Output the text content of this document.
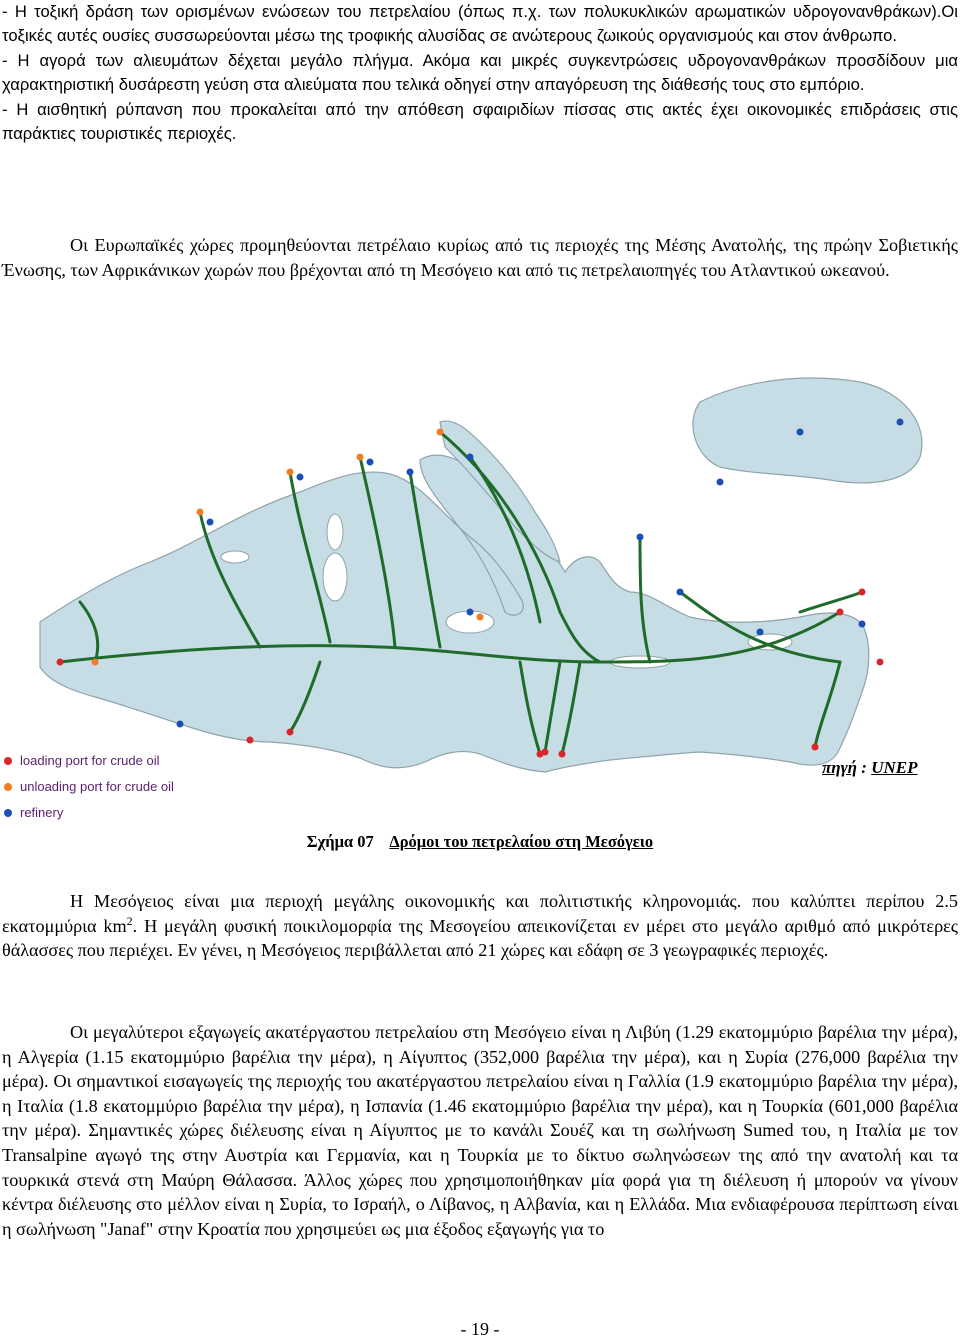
- Η τοξική δράση των ορισμένων ενώσεων του πετρελαίου (όπως π.χ. των πολυκυκλικών αρωματικών υδρογονανθράκων).Οι τοξικές αυτές ουσίες συσσωρεύονται μέσω της τροφικής αλυσίδας σε ανώτερους ζωικούς οργανισμούς και στον άνθρωπο.

- Η αγορά των αλιευμάτων δέχεται μεγάλο πλήγμα. Ακόμα και μικρές συγκεντρώσεις υδρογονανθράκων προσδίδουν μια χαρακτηριστική δυσάρεστη γεύση στα αλιεύματα που τελικά οδηγεί στην απαγόρευση της διάθεσής τους στο εμπόριο.

- Η αισθητική ρύπανση που προκαλείται από την απόθεση σφαιριδίων πίσσας στις ακτές έχει οικονομικές επιδράσεις στις παράκτιες τουριστικές περιοχές.

Οι Ευρωπαϊκές χώρες προμηθεύονται πετρέλαιο κυρίως από τις περιοχές της Μέσης Ανατολής, της πρώην Σοβιετικής Ένωσης, των Αφρικάνικων χωρών που βρέχονται από τη Μεσόγειο και από τις πετρελαιοπηγές του Ατλαντικού ωκεανού.

loading port for crude oil
unloading port for crude oil
refinery
πηγή : UNEP
Σχήμα 07 Δρόμοι του πετρελαίου στη Μεσόγειο

Η Μεσόγειος είναι μια περιοχή μεγάλης οικονομικής και πολιτιστικής κληρονομιάς. που καλύπτει περίπου 2.5 εκατομμύρια $km^2$. Η μεγάλη φυσική ποικιλομορφία της Μεσογείου απεικονίζεται εν μέρει στο μεγάλο αριθμό από μικρότερες θάλασσες που περιέχει. Εν γένει, η Μεσόγειος περιβάλλεται από 21 χώρες και εδάφη σε 3 γεωγραφικές περιοχές.

Οι μεγαλύτεροι εξαγωγείς ακατέργαστου πετρελαίου στη Μεσόγειο είναι η Λιβύη (1.29 εκατομμύριο βαρέλια την μέρα), η Αλγερία (1.15 εκατομμύριο βαρέλια την μέρα), η Αίγυπτος (352,000 βαρέλια την μέρα), και η Συρία (276,000 βαρέλια την μέρα). Οι σημαντικοί εισαγωγείς της περιοχής του ακατέργαστου πετρελαίου είναι η Γαλλία (1.9 εκατομμύριο βαρέλια την μέρα), η Ιταλία (1.8 εκατομμύριο βαρέλια την μέρα), η Ισπανία (1.46 εκατομμύριο βαρέλια την μέρα), και η Τουρκία (601,000 βαρέλια την μέρα). Σημαντικές χώρες διέλευσης είναι η Αίγυπτος με το κανάλι Σουέζ και τη σωλήνωση Sumed του, η Ιταλία με τον Transalpine αγωγό της στην Αυστρία και Γερμανία, και η Τουρκία με το δίκτυο σωληνώσεων της από την ανατολή και τα τουρκικά στενά στη Μαύρη Θάλασσα. Άλλος χώρες που χρησιμοποιήθηκαν μία φορά για τη διέλευση ή μπορούν να γίνουν κέντρα διέλευσης στο μέλλον είναι η Συρία, το Ισραήλ, ο Λίβανος, η Αλβανία, και η Ελλάδα. Μια ενδιαφέρουσα περίπτωση είναι η σωλήνωση "Janaf" στην Κροατία που χρησιμεύει ως μια έξοδος εξαγωγής για το

- 19 -
